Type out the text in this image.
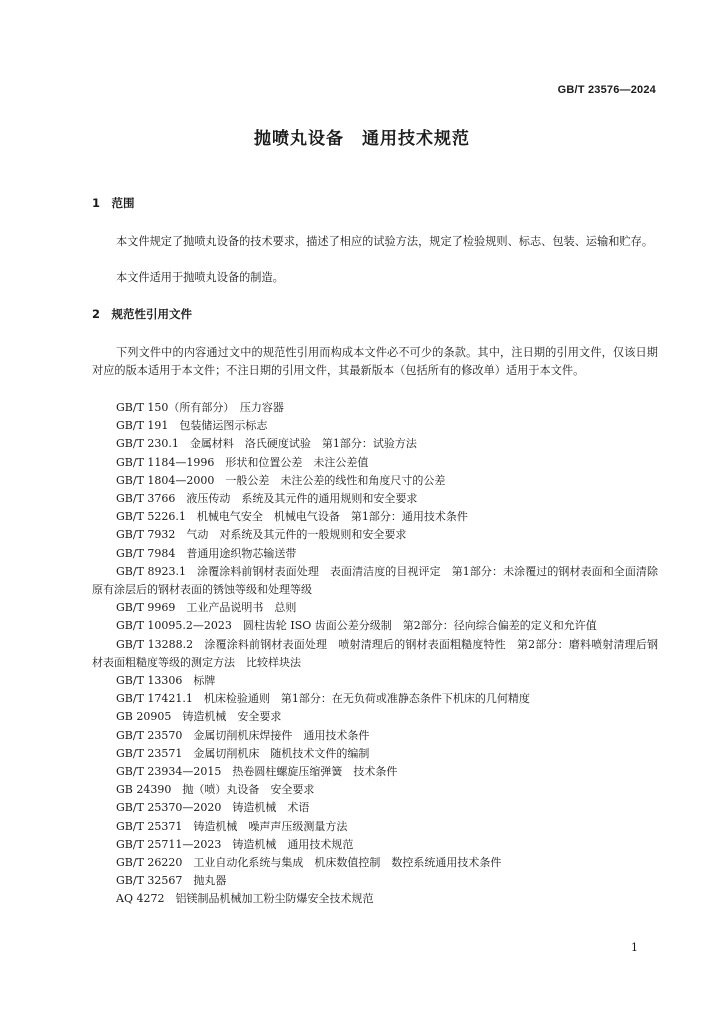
GB/T 23576—2024
抛喷丸设备　通用技术规范
1　范围
本文件规定了抛喷丸设备的技术要求，描述了相应的试验方法，规定了检验规则、标志、包装、运输和贮存。
本文件适用于抛喷丸设备的制造。
2　规范性引用文件
下列文件中的内容通过文中的规范性引用而构成本文件必不可少的条款。其中，注日期的引用文件，仅该日期对应的版本适用于本文件；不注日期的引用文件，其最新版本（包括所有的修改单）适用于本文件。
GB/T 150（所有部分）　压力容器
GB/T 191　包装储运图示标志
GB/T 230.1　金属材料　洛氏硬度试验　第1部分：试验方法
GB/T 1184—1996　形状和位置公差　未注公差值
GB/T 1804—2000　一般公差　未注公差的线性和角度尺寸的公差
GB/T 3766　液压传动　系统及其元件的通用规则和安全要求
GB/T 5226.1　机械电气安全　机械电气设备　第1部分：通用技术条件
GB/T 7932　气动　对系统及其元件的一般规则和安全要求
GB/T 7984　普通用途织物芯输送带
GB/T 8923.1　涂覆涂料前钢材表面处理　表面清洁度的目视评定　第1部分：未涂覆过的钢材表面和全面清除原有涂层后的钢材表面的锈蚀等级和处理等级
GB/T 9969　工业产品说明书　总则
GB/T 10095.2—2023　圆柱齿轮 ISO 齿面公差分级制　第2部分：径向综合偏差的定义和允许值
GB/T 13288.2　涂覆涂料前钢材表面处理　喷射清理后的钢材表面粗糙度特性　第2部分：磨料喷射清理后钢材表面粗糙度等级的测定方法　比较样块法
GB/T 13306　标牌
GB/T 17421.1　机床检验通则　第1部分：在无负荷或准静态条件下机床的几何精度
GB 20905　铸造机械　安全要求
GB/T 23570　金属切削机床焊接件　通用技术条件
GB/T 23571　金属切削机床　随机技术文件的编制
GB/T 23934—2015　热卷圆柱螺旋压缩弹簧　技术条件
GB 24390　抛（喷）丸设备　安全要求
GB/T 25370—2020　铸造机械　术语
GB/T 25371　铸造机械　噪声声压级测量方法
GB/T 25711—2023　铸造机械　通用技术规范
GB/T 26220　工业自动化系统与集成　机床数值控制　数控系统通用技术条件
GB/T 32567　抛丸器
AQ 4272　铝镁制品机械加工粉尘防爆安全技术规范
1
